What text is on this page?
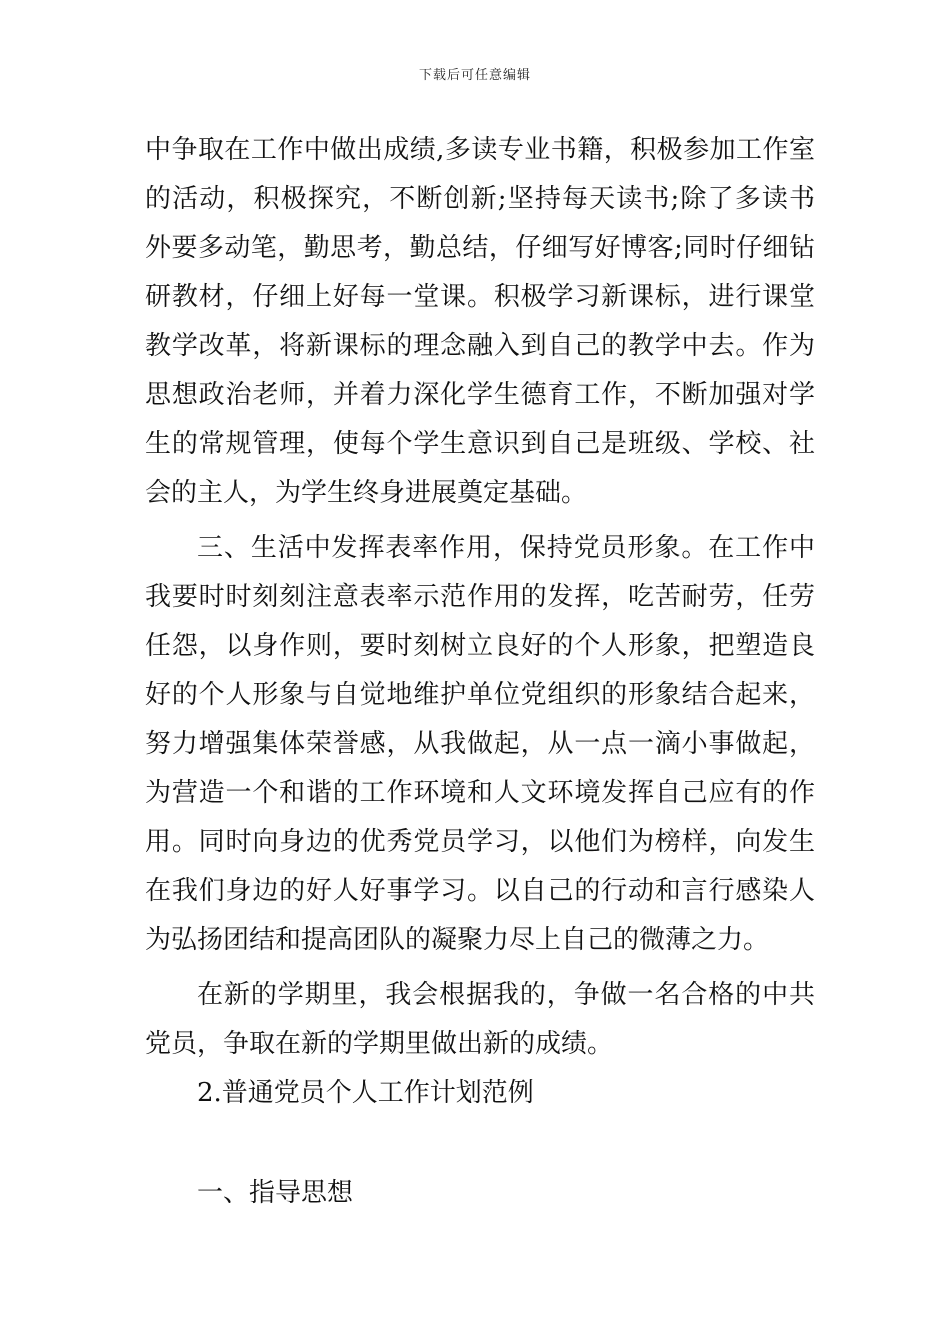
下载后可任意编辑
中争取在工作中做出成绩,多读专业书籍，积极参加工作室
的活动，积极探究，不断创新;坚持每天读书;除了多读书
外要多动笔，勤思考，勤总结，仔细写好博客;同时仔细钻
研教材，仔细上好每一堂课。积极学习新课标，进行课堂
教学改革，将新课标的理念融入到自己的教学中去。作为
思想政治老师，并着力深化学生德育工作，不断加强对学
生的常规管理，使每个学生意识到自己是班级、学校、社
会的主人，为学生终身进展奠定基础。
三、生活中发挥表率作用，保持党员形象。在工作中
我要时时刻刻注意表率示范作用的发挥，吃苦耐劳，任劳
任怨，以身作则，要时刻树立良好的个人形象，把塑造良
好的个人形象与自觉地维护单位党组织的形象结合起来，
努力增强集体荣誉感，从我做起，从一点一滴小事做起，
为营造一个和谐的工作环境和人文环境发挥自己应有的作
用。同时向身边的优秀党员学习，以他们为榜样，向发生
在我们身边的好人好事学习。以自己的行动和言行感染人
为弘扬团结和提高团队的凝聚力尽上自己的微薄之力。
在新的学期里，我会根据我的，争做一名合格的中共
党员，争取在新的学期里做出新的成绩。
2.普通党员个人工作计划范例
一、指导思想
